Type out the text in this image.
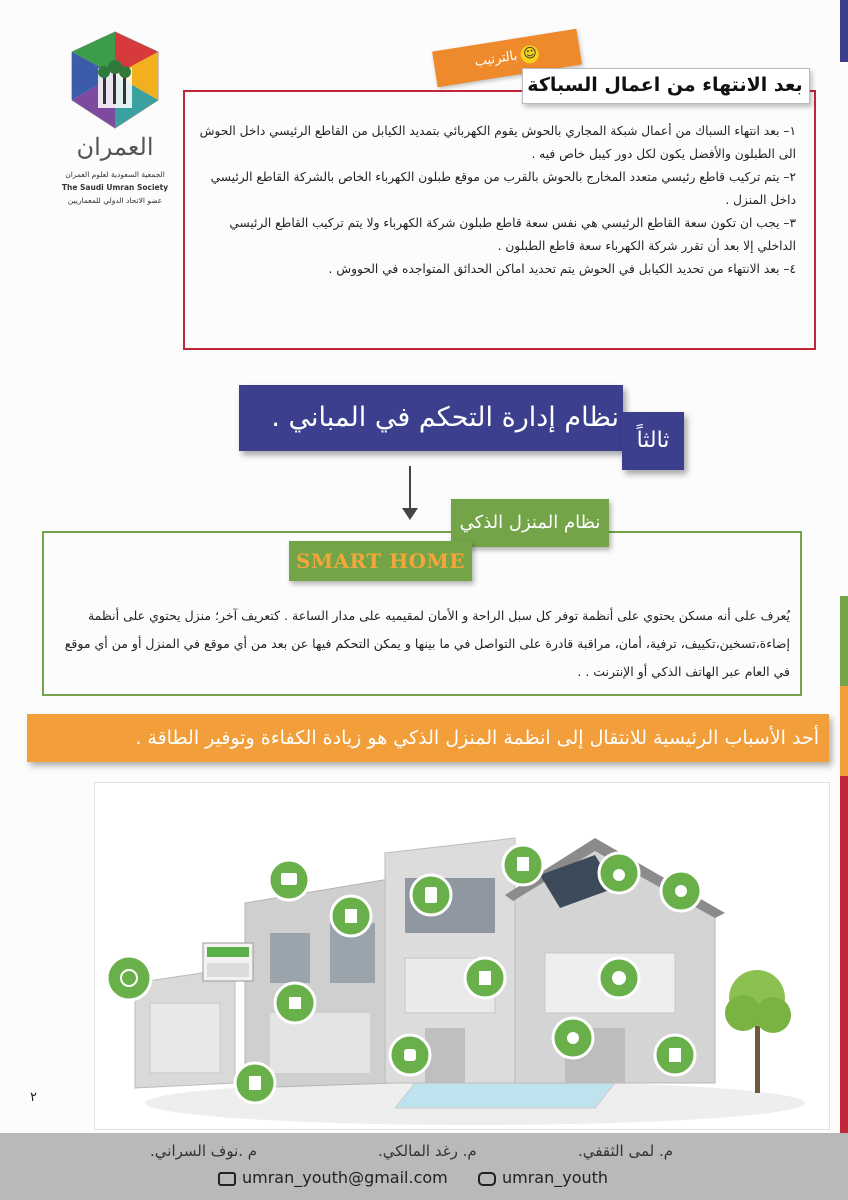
العمران
الجمعية السعودية لعلوم العمران
The Saudi Umran Society
عضو الاتحاد الدولي للمعماريين
بالترتيب ☺
بعد الانتهاء من اعمال السباكة

١– بعد انتهاء السباك من أعمال شبكة المجاري بالحوش يقوم الكهربائي بتمديد الكيابل من القاطع الرئيسي داخل الحوش الى الطبلون والأفضل يكون لكل دور كيبل خاص فيه .

٢– يتم تركيب قاطع رئيسي متعدد المخارج بالحوش بالقرب من موقع طبلون الكهرباء الخاص بالشركة القاطع الرئيسي داخل المنزل .

٣– يجب ان تكون سعة القاطع الرئيسي هي نفس سعة قاطع طبلون شركة الكهرباء ولا يتم تركيب القاطع الرئيسي الداخلي إلا بعد أن تقرر شركة الكهرباء سعة قاطع الطبلون .

٤– بعد الانتهاء من تحديد الكيابل في الحوش يتم تحديد اماكن الحدائق المتواجده في الحووش .

نظام إدارة التحكم في المباني .
ثالثاً
نظام المنزل الذكي
SMART HOME
يُعرف على أنه مسكن يحتوي على أنظمة توفر كل سبل الراحة و الأمان لمقيميه على مدار الساعة . كتعريف آخر؛ منزل يحتوي على أنظمة إضاءة،تسخين،تكييف، ترفية، أمان، مراقبة قادرة على التواصل في ما بينها و يمكن التحكم فيها عن بعد من أي موقع في المنزل أو من أي موقع في العام عبر الهاتف الذكي أو الإنترنت . .
أحد الأسباب الرئيسية للانتقال إلى انظمة المنزل الذكي هو زيادة الكفاءة وتوفير الطاقة .
٢
م. لمى الثقفي.
م. رغد المالكي.
م .نوف السراني.
umran_youth@gmail.com	umran_youth
